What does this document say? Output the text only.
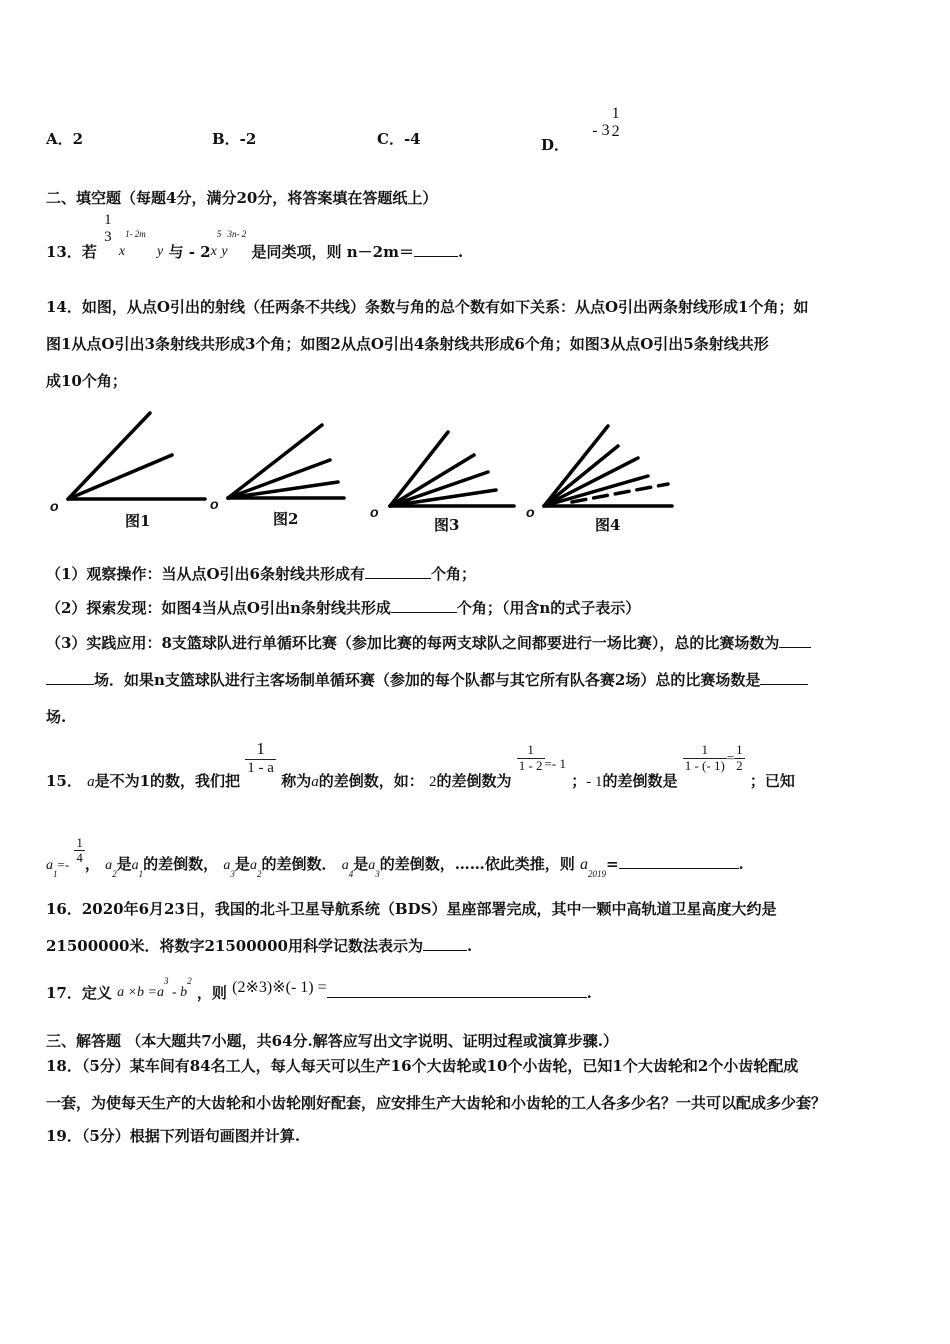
A．2	B．-2	C．-4	D． - 3
1
2
二、填空题（每题4分，满分20分，将答案填在答题纸上）
13．若
1
3
$x^{1- 2m}$ y 与 - $2x^5y^{3n- 2}$ 是同类项，则 n－2m＝	.
14．如图，从点O引出的射线（任两条不共线）条数与角的总个数有如下关系：从点O引出两条射线形成1个角；如
图1从点O引出3条射线共形成3个角；如图2从点O引出4条射线共形成6个角；如图3从点O引出5条射线共形
成10个角；
o	o	o	o
图1	图2	图3	图4
（1）观察操作：当从点O引出6条射线共形成有	个角；
（2）探索发现：如图4当从点O引出n条射线共形成	个角；（用含n的式子表示）
（3）实践应用：8支篮球队进行单循环比赛（参加比赛的每两支球队之间都要进行一场比赛），总的比赛场数为
场．如果n支篮球队进行主客场制单循环赛（参加的每个队都与其它所有队各赛2场）总的比赛场数是
场.
15． a是不为1的数，我们把
$\frac{1}{1 - a}$
称为a的差倒数，如： 2的差倒数为
$\frac{1}{1 - 2} =- 1$ ；- 1的差倒数是
$\frac{1}{1 - (- 1)} = \frac{1}{2}$
；已知
$a_1=- \frac{1}{4}$ ， $a_2$是$a_1$的差倒数， $a_3$是$a_2$的差倒数． $a_4$是$a_3$的差倒数，……依此类推，则 $a_{2019}=$	.
16．2020年6月23日，我国的北斗卫星导航系统（BDS）星座部署完成，其中一颗中高轨道卫星高度大约是
21500000米．将数字21500000用科学记数法表示为	.
17．定义 $a \times b =a^3 - b^2$ ，则 (2※3)※(- 1) =	.
三、解答题 （本大题共7小题，共64分.解答应写出文字说明、证明过程或演算步骤.）
18．（5分）某车间有84名工人，每人每天可以生产16个大齿轮或10个小齿轮，已知1个大齿轮和2个小齿轮配成
一套，为使每天生产的大齿轮和小齿轮刚好配套，应安排生产大齿轮和小齿轮的工人各多少名？一共可以配成多少套？
19．（5分）根据下列语句画图并计算.
